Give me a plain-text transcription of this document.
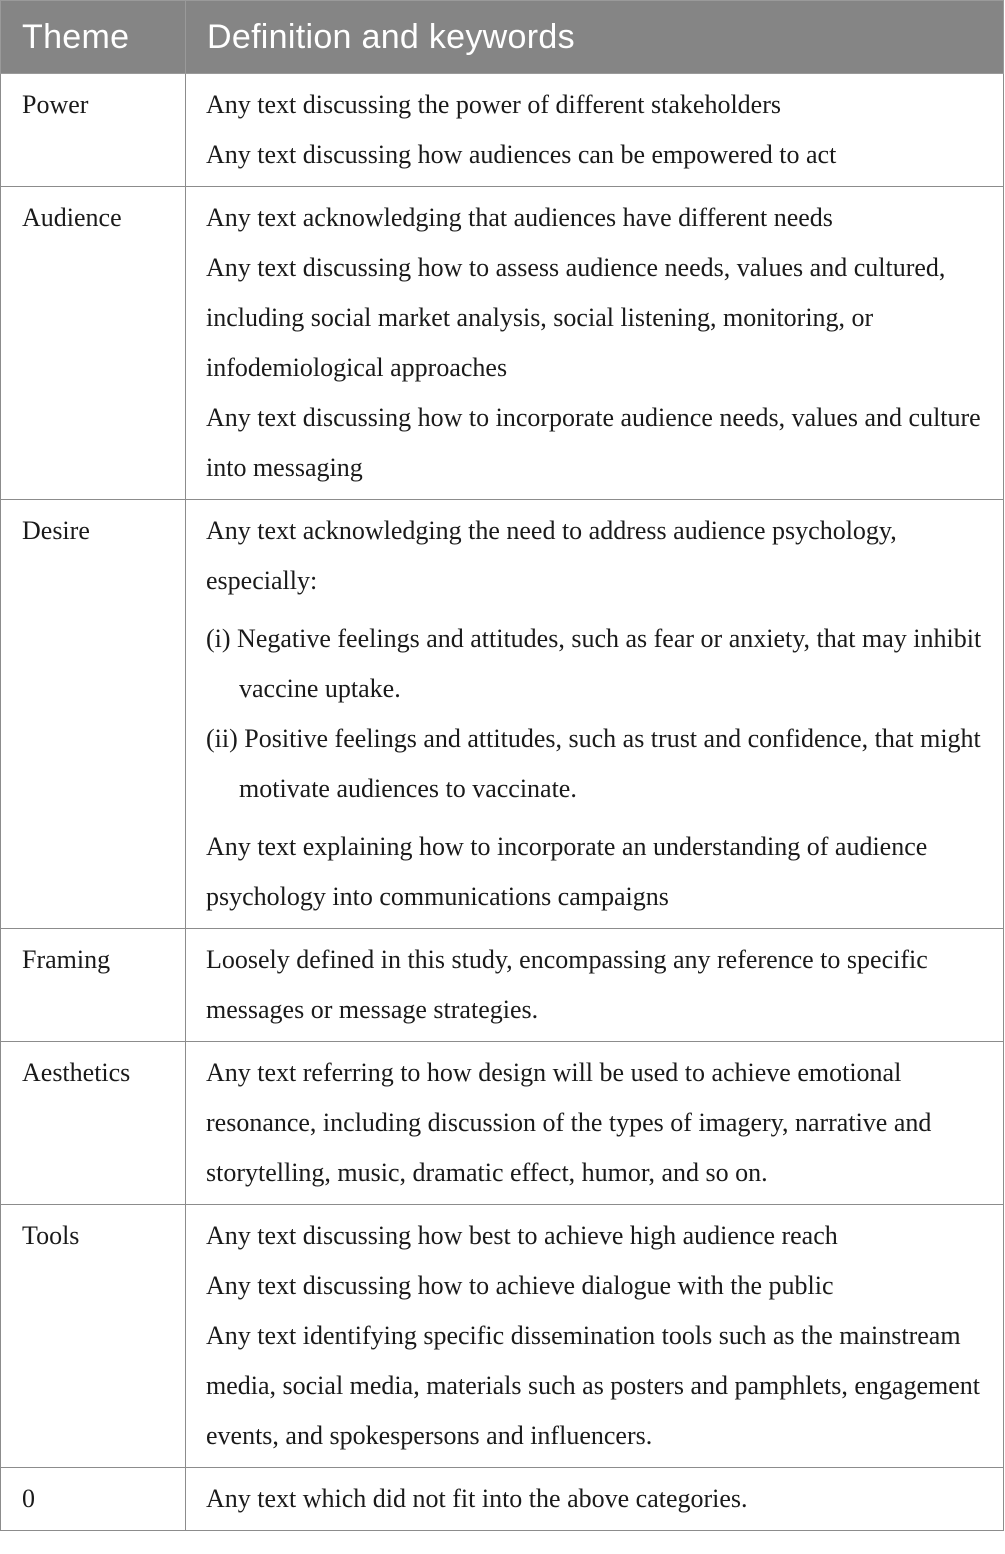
Theme	Definition and keywords
Power	Any text discussing the power of different stakeholders
Any text discussing how audiences can be empowered to act

Audience	Any text acknowledging that audiences have different needs
Any text discussing how to assess audience needs, values and cultured, including social market analysis, social listening, monitoring, or infodemiological approaches
Any text discussing how to incorporate audience needs, values and culture into messaging

Desire	Any text acknowledging the need to address audience psychology, especially:
(i) Negative feelings and attitudes, such as fear or anxiety, that may inhibit vaccine uptake.
(ii) Positive feelings and attitudes, such as trust and confidence, that might motivate audiences to vaccinate.
Any text explaining how to incorporate an understanding of audience psychology into communications campaigns

Framing	Loosely defined in this study, encompassing any reference to specific messages or message strategies.

Aesthetics	Any text referring to how design will be used to achieve emotional resonance, including discussion of the types of imagery, narrative and storytelling, music, dramatic effect, humor, and so on.

Tools	Any text discussing how best to achieve high audience reach
Any text discussing how to achieve dialogue with the public
Any text identifying specific dissemination tools such as the mainstream media, social media, materials such as posters and pamphlets, engagement events, and spokespersons and influencers.

0	Any text which did not fit into the above categories.
